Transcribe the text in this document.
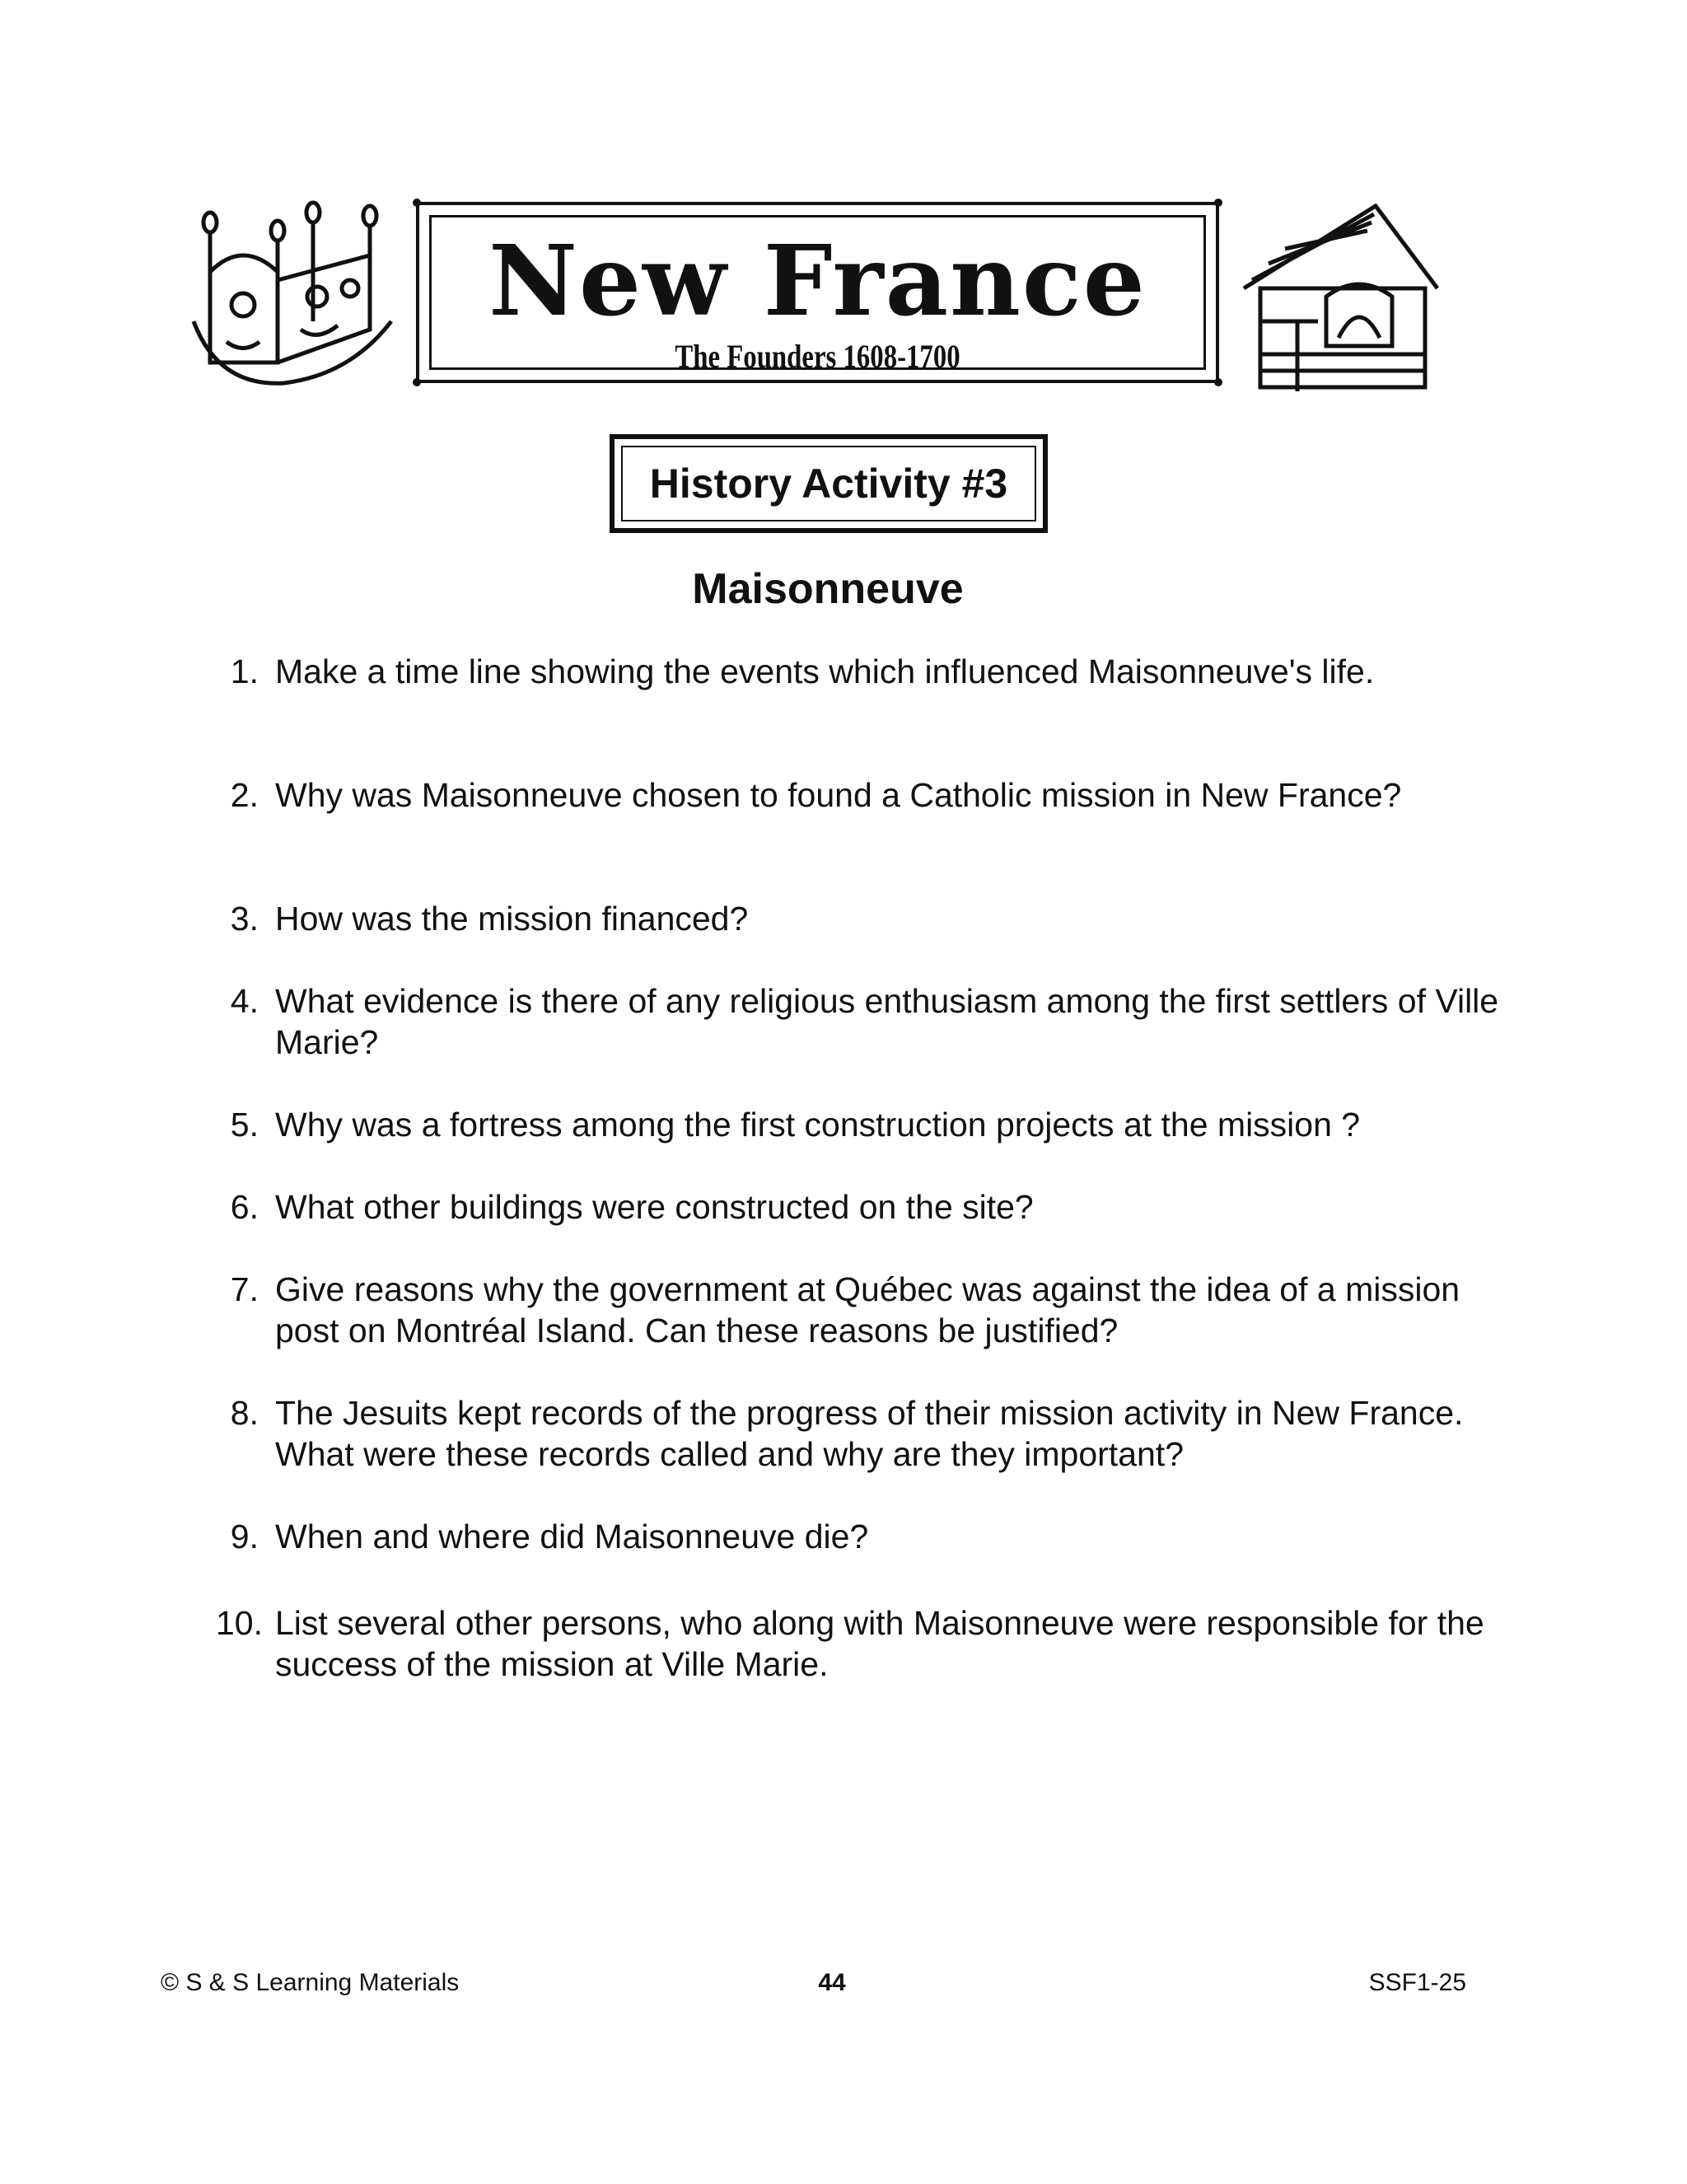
New France
The Founders 1608-1700
History Activity #3
Maisonneuve
1. Make a time line showing the events which influenced Maisonneuve's life.
2. Why was Maisonneuve chosen to found a Catholic mission in New France?
3. How was the mission financed?
4. What evidence is there of any religious enthusiasm among the first settlers of Ville Marie?
5. Why was a fortress among the first construction projects at the mission ?
6. What other buildings were constructed on the site?
7. Give reasons why the government at Québec was against the idea of a mission post on Montréal Island. Can these reasons be justified?
8. The Jesuits kept records of the progress of their mission activity in New France. What were these records called and why are they important?
9. When and where did Maisonneuve die?
10. List several other persons, who along with Maisonneuve were responsible for the success of the mission at Ville Marie.
© S & S Learning Materials	44	SSF1-25
